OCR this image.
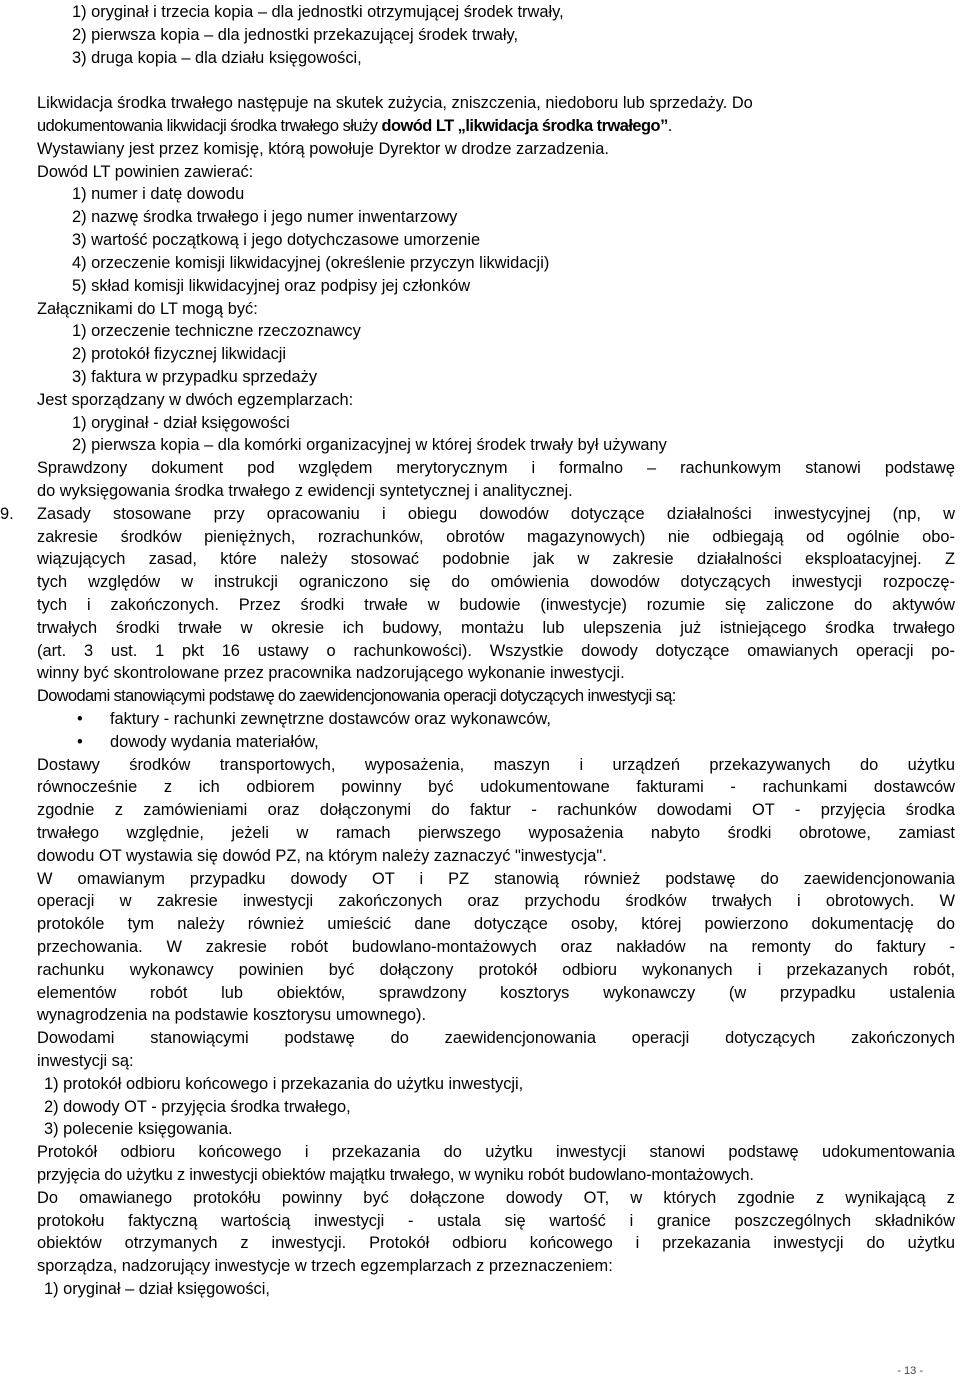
1) oryginał i trzecia kopia – dla jednostki otrzymującej środek trwały,
2) pierwsza kopia – dla jednostki przekazującej środek trwały,
3) druga kopia – dla działu księgowości,
Likwidacja środka trwałego następuje na skutek zużycia, zniszczenia, niedoboru lub sprzedaży. Do
udokumentowania likwidacji środka trwałego służy dowód LT „likwidacja środka trwałego”.
Wystawiany jest przez komisję, którą powołuje Dyrektor w drodze zarzadzenia.
Dowód LT powinien zawierać:
1) numer i datę dowodu
2) nazwę środka trwałego i jego numer inwentarzowy
3) wartość początkową i jego dotychczasowe umorzenie
4) orzeczenie komisji likwidacyjnej (określenie przyczyn likwidacji)
5) skład komisji likwidacyjnej oraz podpisy jej członków
Załącznikami do LT mogą być:
1) orzeczenie techniczne rzeczoznawcy
2) protokół fizycznej likwidacji
3) faktura w przypadku sprzedaży
Jest sporządzany w dwóch egzemplarzach:
1) oryginał - dział księgowości
2) pierwsza kopia – dla komórki organizacyjnej w której środek trwały był używany
Sprawdzony dokument pod względem merytorycznym i formalno – rachunkowym stanowi podstawę
do wyksięgowania środka trwałego z ewidencji syntetycznej i analitycznej.
9. Zasady stosowane przy opracowaniu i obiegu dowodów dotyczące działalności inwestycyjnej (np, w
zakresie środków pieniężnych, rozrachunków, obrotów magazynowych) nie odbiegają od ogólnie obo-
wiązujących zasad, które należy stosować podobnie jak w zakresie działalności eksploatacyjnej. Z
tych względów w instrukcji ograniczono się do omówienia dowodów dotyczących inwestycji rozpoczę-
tych i zakończonych. Przez środki trwałe w budowie (inwestycje) rozumie się zaliczone do aktywów
trwałych środki trwałe w okresie ich budowy, montażu lub ulepszenia już istniejącego środka trwałego
(art. 3 ust. 1 pkt 16 ustawy o rachunkowości). Wszystkie dowody dotyczące omawianych operacji po-
winny być skontrolowane przez pracownika nadzorującego wykonanie inwestycji.
Dowodami stanowiącymi podstawę do zaewidencjonowania operacji dotyczących inwestycji są:
• faktury - rachunki zewnętrzne dostawców oraz wykonawców,
• dowody wydania materiałów,
Dostawy środków transportowych, wyposażenia, maszyn i urządzeń przekazywanych do użytku
równocześnie z ich odbiorem powinny być udokumentowane fakturami - rachunkami dostawców
zgodnie z zamówieniami oraz dołączonymi do faktur - rachunków dowodami OT - przyjęcia środka
trwałego względnie, jeżeli w ramach pierwszego wyposażenia nabyto środki obrotowe, zamiast
dowodu OT wystawia się dowód PZ, na którym należy zaznaczyć "inwestycja".
W omawianym przypadku dowody OT i PZ stanowią również podstawę do zaewidencjonowania
operacji w zakresie inwestycji zakończonych oraz przychodu środków trwałych i obrotowych. W
protokóle tym należy również umieścić dane dotyczące osoby, której powierzono dokumentację do
przechowania. W zakresie robót budowlano-montażowych oraz nakładów na remonty do faktury -
rachunku wykonawcy powinien być dołączony protokół odbioru wykonanych i przekazanych robót,
elementów robót lub obiektów, sprawdzony kosztorys wykonawczy (w przypadku ustalenia
wynagrodzenia na podstawie kosztorysu umownego).
Dowodami stanowiącymi podstawę do zaewidencjonowania operacji dotyczących zakończonych
inwestycji są:
1) protokół odbioru końcowego i przekazania do użytku inwestycji,
2) dowody OT - przyjęcia środka trwałego,
3) polecenie księgowania.
Protokół odbioru końcowego i przekazania do użytku inwestycji stanowi podstawę udokumentowania
przyjęcia do użytku z inwestycji obiektów majątku trwałego, w wyniku robót budowlano-montażowych.
Do omawianego protokółu powinny być dołączone dowody OT, w których zgodnie z wynikającą z
protokołu faktyczną wartością inwestycji - ustala się wartość i granice poszczególnych składników
obiektów otrzymanych z inwestycji. Protokół odbioru końcowego i przekazania inwestycji do użytku
sporządza, nadzorujący inwestycje w trzech egzemplarzach z przeznaczeniem:
1) oryginał – dział księgowości,
- 13 -
